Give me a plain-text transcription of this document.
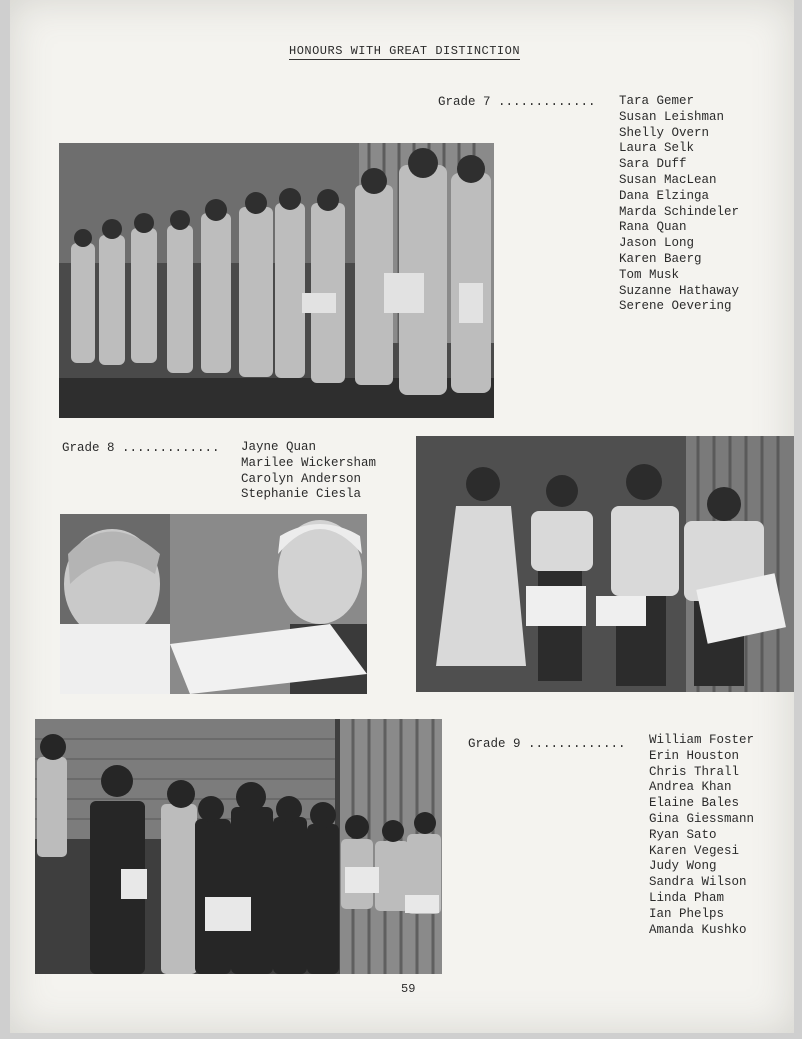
HONOURS WITH GREAT DISTINCTION
Grade 7 ............. Tara Gemer
Susan Leishman
Shelly Overn
Laura Selk
Sara Duff
Susan MacLean
Dana Elzinga
Marda Schindeler
Rana Quan
Jason Long
Karen Baerg
Tom Musk
Suzanne Hathaway
Serene Oevering
Grade 8 ............. Jayne Quan
Marilee Wickersham
Carolyn Anderson
Stephanie Ciesla
Grade 9 ............. William Foster
Erin Houston
Chris Thrall
Andrea Khan
Elaine Bales
Gina Giessmann
Ryan Sato
Karen Vegesi
Judy Wong
Sandra Wilson
Linda Pham
Ian Phelps
Amanda Kushko
59
